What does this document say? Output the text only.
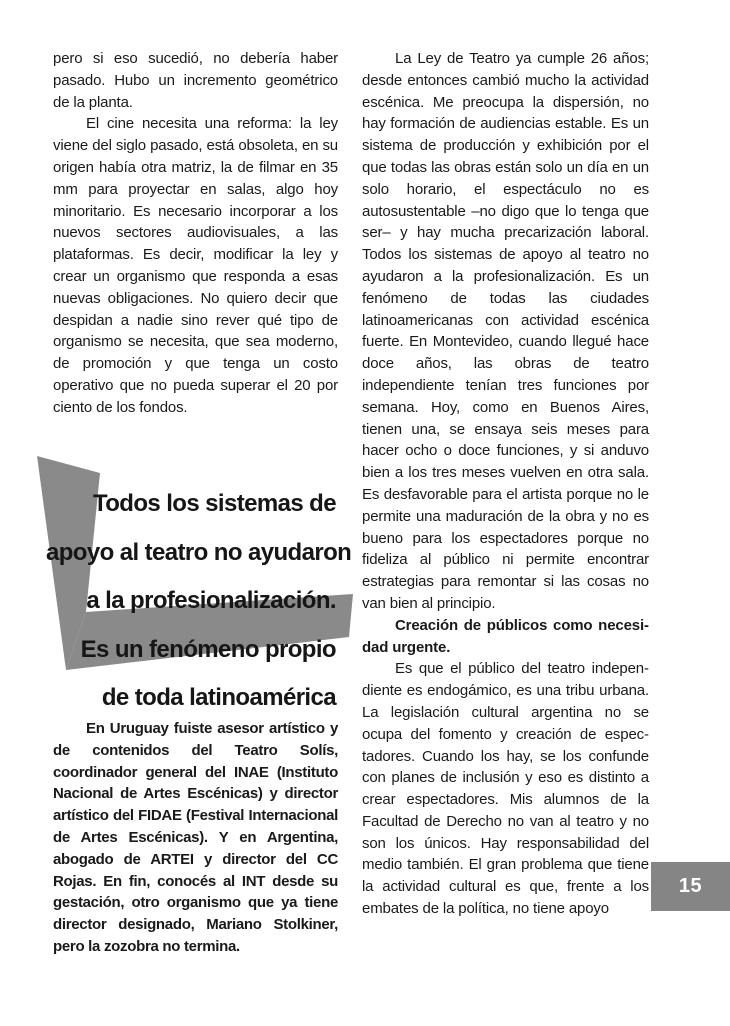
pero si eso sucedió, no debería haber pasado. Hubo un incremento geométrico de la planta.

El cine necesita una reforma: la ley viene del siglo pasado, está obsoleta, en su origen había otra matriz, la de filmar en 35 mm para proyectar en salas, algo hoy minoritario. Es necesario incorporar a los nuevos sectores audiovisuales, a las plataformas. Es decir, modificar la ley y crear un organismo que responda a esas nuevas obligaciones. No quiero decir que despidan a nadie sino rever qué tipo de organismo se necesita, que sea moderno, de promoción y que tenga un costo operativo que no pueda superar el 20 por ciento de los fondos.

Todos los sistemas de
apoyo al teatro no ayudaron
a la profesionalización.
Es un fenómeno propio
de toda latinoamérica

En Uruguay fuiste asesor artístico y de contenidos del Teatro Solís, coordinador general del INAE (Instituto Nacional de Artes Escénicas) y director artístico del FIDAE (Festival Internacional de Artes Escénicas). Y en Argentina, abogado de ARTEI y director del CC Rojas. En fin, conocés al INT desde su gestación, otro organismo que ya tiene director designado, Mariano Stolkiner, pero la zozobra no termina.

La Ley de Teatro ya cumple 26 años; desde entonces cambió mucho la actividad escénica. Me preocupa la dispersión, no hay formación de audiencias estable. Es un sistema de producción y exhibición por el que todas las obras están solo un día en un solo horario, el espectáculo no es autosustentable –no digo que lo tenga que ser– y hay mucha precarización laboral. Todos los sistemas de apoyo al teatro no ayudaron a la profesionalización. Es un fenómeno de todas las ciudades latinoamericanas con actividad escénica fuerte. En Montevideo, cuando llegué hace doce años, las obras de teatro independiente tenían tres funciones por semana. Hoy, como en Buenos Aires, tienen una, se ensaya seis meses para hacer ocho o doce funciones, y si anduvo bien a los tres meses vuelven en otra sala. Es desfavorable para el artista porque no le permite una maduración de la obra y no es bueno para los espectadores porque no fideliza al público ni permite encontrar estrategias para remontar si las cosas no van bien al principio.

Creación de públicos como necesidad urgente.

Es que el público del teatro independiente es endogámico, es una tribu urbana. La legislación cultural argentina no se ocupa del fomento y creación de espectadores. Cuando los hay, se los confunde con planes de inclusión y eso es distinto a crear espectadores. Mis alumnos de la Facultad de Derecho no van al teatro y no son los únicos. Hay responsabilidad del medio también. El gran problema que tiene la actividad cultural es que, frente a los embates de la política, no tiene apoyo

15
